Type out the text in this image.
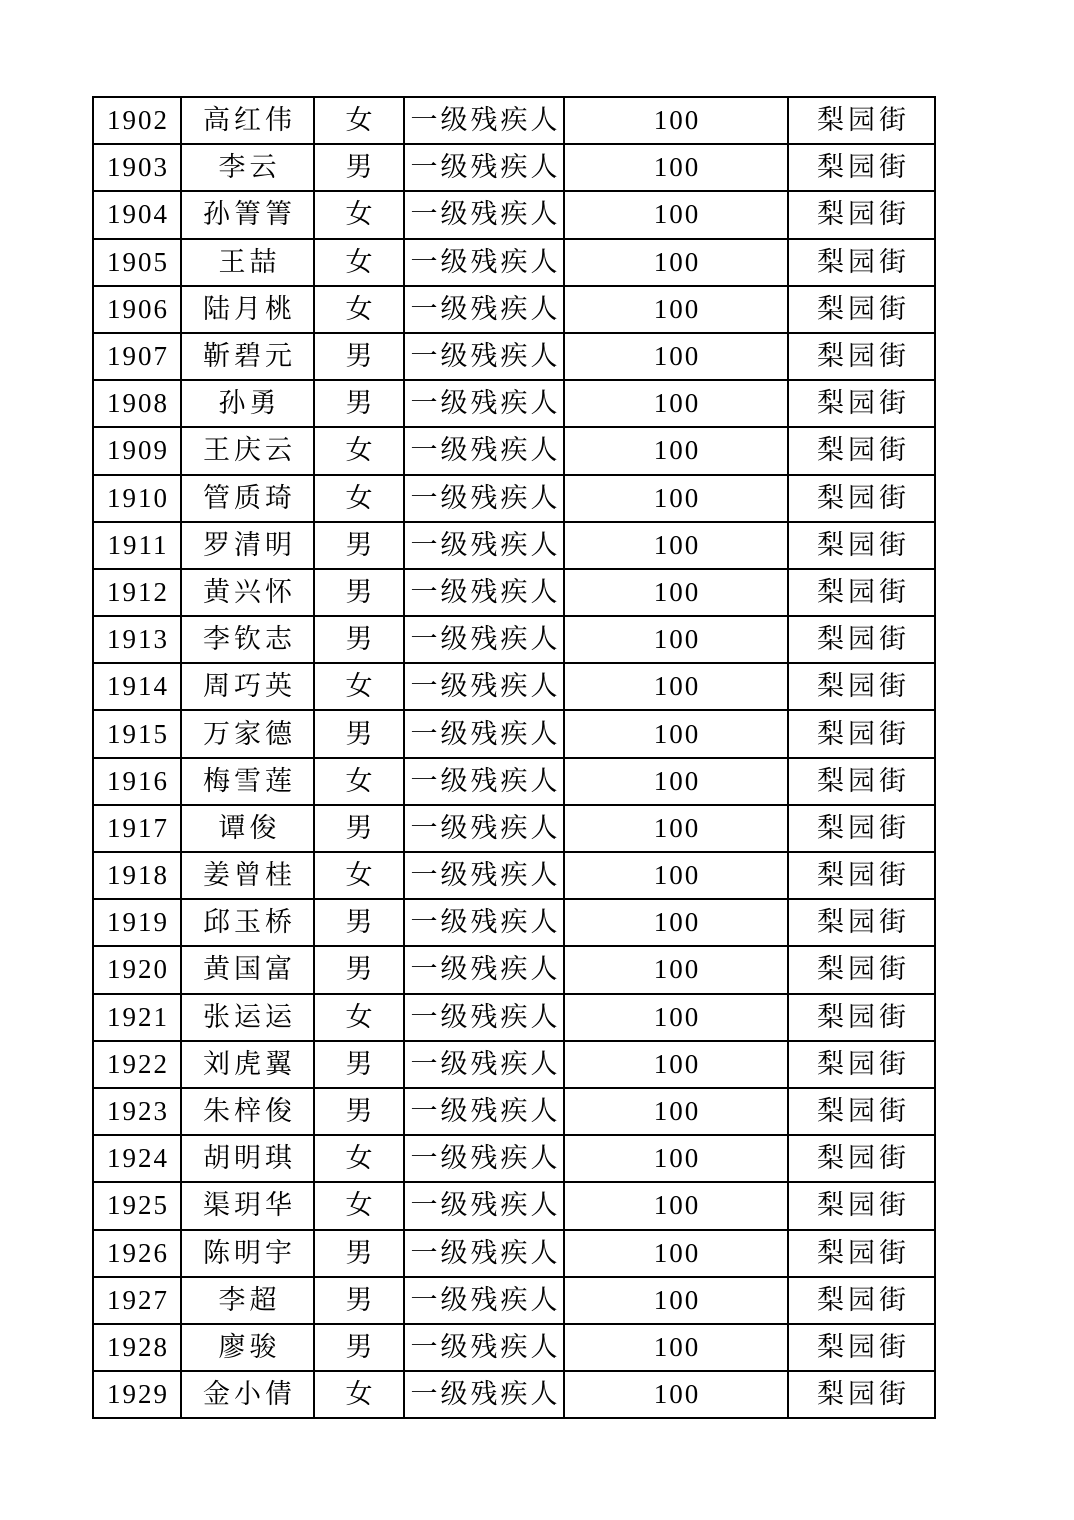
1902	高红伟	女	一级残疾人	100	梨园街
1903	李云	男	一级残疾人	100	梨园街
1904	孙箐箐	女	一级残疾人	100	梨园街
1905	王喆	女	一级残疾人	100	梨园街
1906	陆月桃	女	一级残疾人	100	梨园街
1907	靳碧元	男	一级残疾人	100	梨园街
1908	孙勇	男	一级残疾人	100	梨园街
1909	王庆云	女	一级残疾人	100	梨园街
1910	管质琦	女	一级残疾人	100	梨园街
1911	罗清明	男	一级残疾人	100	梨园街
1912	黄兴怀	男	一级残疾人	100	梨园街
1913	李钦志	男	一级残疾人	100	梨园街
1914	周巧英	女	一级残疾人	100	梨园街
1915	万家德	男	一级残疾人	100	梨园街
1916	梅雪莲	女	一级残疾人	100	梨园街
1917	谭俊	男	一级残疾人	100	梨园街
1918	姜曾桂	女	一级残疾人	100	梨园街
1919	邱玉桥	男	一级残疾人	100	梨园街
1920	黄国富	男	一级残疾人	100	梨园街
1921	张运运	女	一级残疾人	100	梨园街
1922	刘虎翼	男	一级残疾人	100	梨园街
1923	朱梓俊	男	一级残疾人	100	梨园街
1924	胡明琪	女	一级残疾人	100	梨园街
1925	渠玥华	女	一级残疾人	100	梨园街
1926	陈明宇	男	一级残疾人	100	梨园街
1927	李超	男	一级残疾人	100	梨园街
1928	廖骏	男	一级残疾人	100	梨园街
1929	金小倩	女	一级残疾人	100	梨园街
